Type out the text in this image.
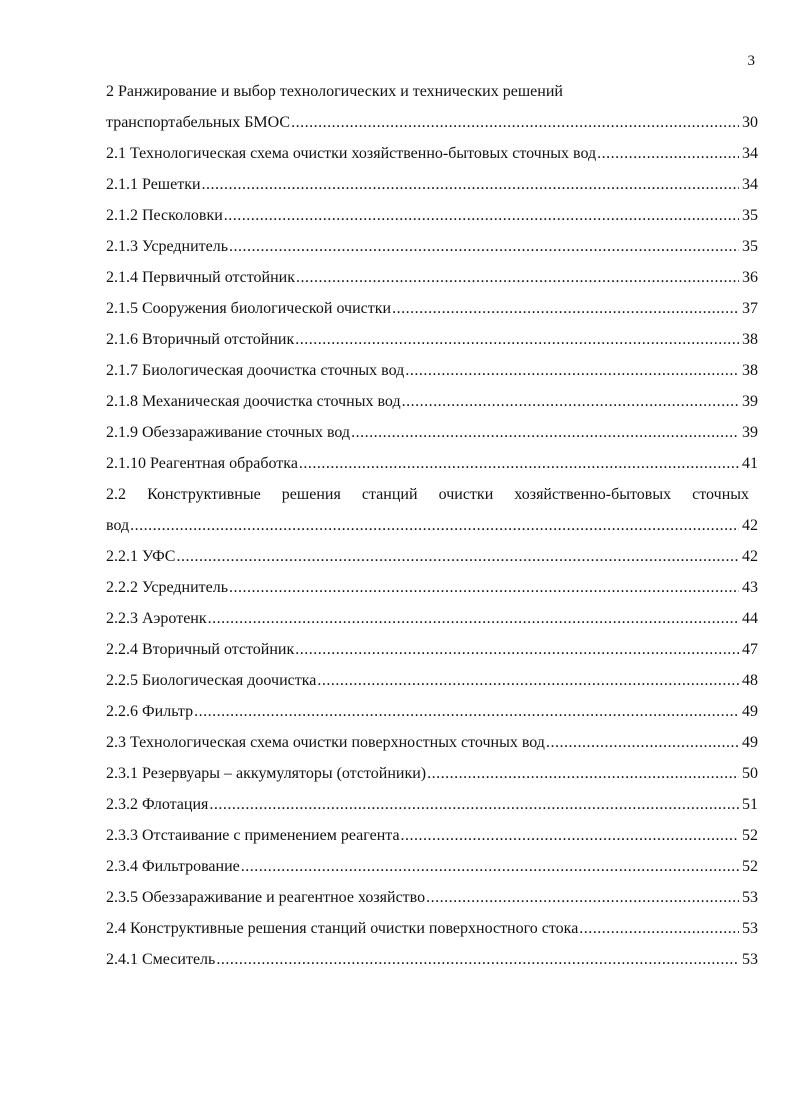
3
2 Ранжирование и выбор технологических и технических решений
транспортабельных БМОС .....	30
2.1 Технологическая схема очистки хозяйственно-бытовых сточных вод .....	34
2.1.1 Решетки .....	34
2.1.2 Песколовки .....	35
2.1.3 Усреднитель .....	35
2.1.4 Первичный отстойник .....	36
2.1.5 Сооружения биологической очистки .....	37
2.1.6 Вторичный отстойник .....	38
2.1.7 Биологическая доочистка сточных вод .....	38
2.1.8 Механическая доочистка сточных вод .....	39
2.1.9 Обеззараживание сточных вод .....	39
2.1.10 Реагентная обработка .....	41
2.2 Конструктивные решения станций очистки хозяйственно-бытовых сточных
вод .....	42
2.2.1 УФС .....	42
2.2.2 Усреднитель .....	43
2.2.3 Аэротенк .....	44
2.2.4 Вторичный отстойник .....	47
2.2.5 Биологическая доочистка .....	48
2.2.6 Фильтр .....	49
2.3 Технологическая схема очистки поверхностных сточных вод .....	49
2.3.1 Резервуары – аккумуляторы (отстойники) .....	50
2.3.2 Флотация .....	51
2.3.3 Отстаивание с применением реагента .....	52
2.3.4 Фильтрование .....	52
2.3.5 Обеззараживание и реагентное хозяйство .....	53
2.4 Конструктивные решения станций очистки поверхностного стока .....	53
2.4.1 Смеситель .....	53
